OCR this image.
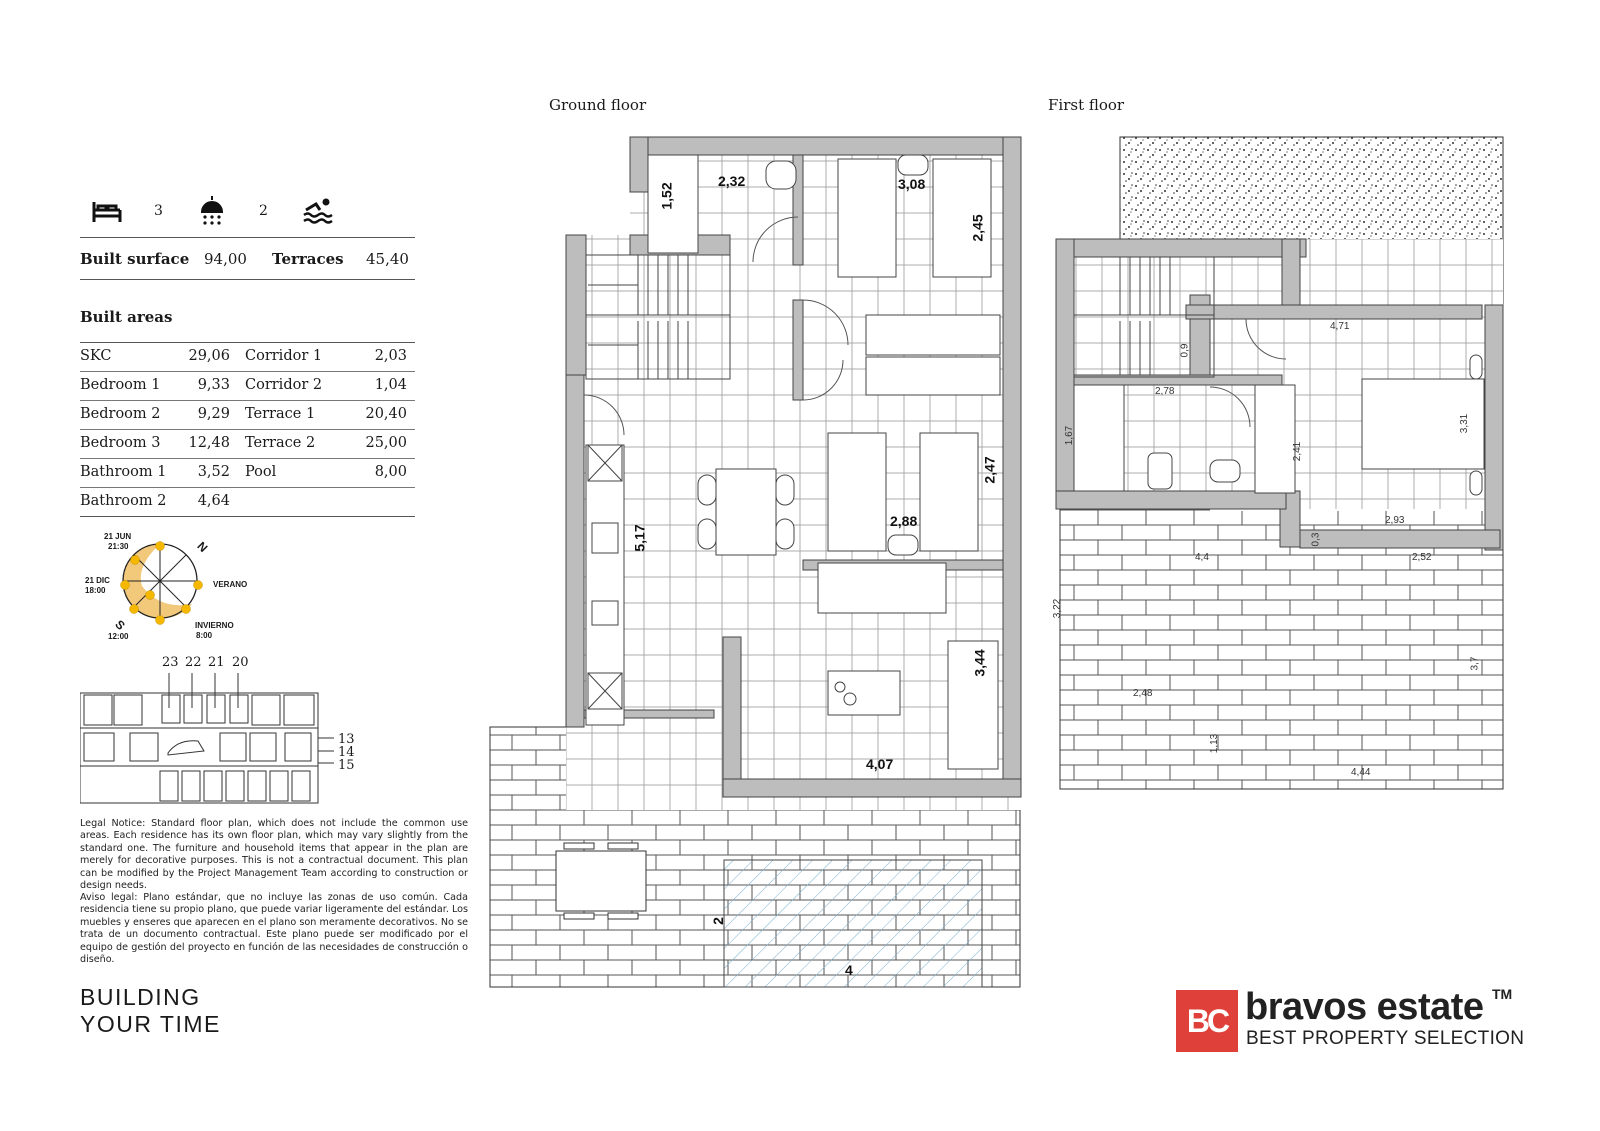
3	2
Built surface 94,00 Terraces 45,40
Built areas
SKC	29,06 Corridor 1	2,03
Bedroom 1	9,33 Corridor 2	1,04
Bedroom 2	9,29 Terrace 1	20,40
Bedroom 3	12,48 Terrace 2	25,00
Bathroom 1	3,52 Pool	8,00
Bathroom 2	4,64
21 JUN
21:30	N
21 DIC
18:00
VERANO
S
12:00
INVIERNO
8:00
23 22 21 20
13
14
15
Legal Notice: Standard floor plan, which does not include the common use areas. Each residence has its own floor plan, which may vary slightly from the standard one. The furniture and household items that appear in the plan are merely for decorative purposes. This is not a contractual document. This plan can be modified by the Project Management Team according to construction or design needs.
Aviso legal: Plano estándar, que no incluye las zonas de uso común. Cada residencia tiene su propio plano, que puede variar ligeramente del estándar. Los muebles y enseres que aparecen en el plano son meramente decorativos. No se trata de un documento contractual. Este plano puede ser modificado por el equipo de gestión del proyecto en función de las necesidades de construcción o diseño.
BUILDING
YOUR TIME
Ground floor
1,52
2,32	3,08
2,45
5,17
2,47
2,88
3,44
4,07
2
4
First floor
4,71
0,9
2,78
1,67
2,41
3,31
2,93
0,3
4,4	2,52
3,22
3,7
2,48
1,13
4,44
BC bravos estate TM
BEST PROPERTY SELECTION
